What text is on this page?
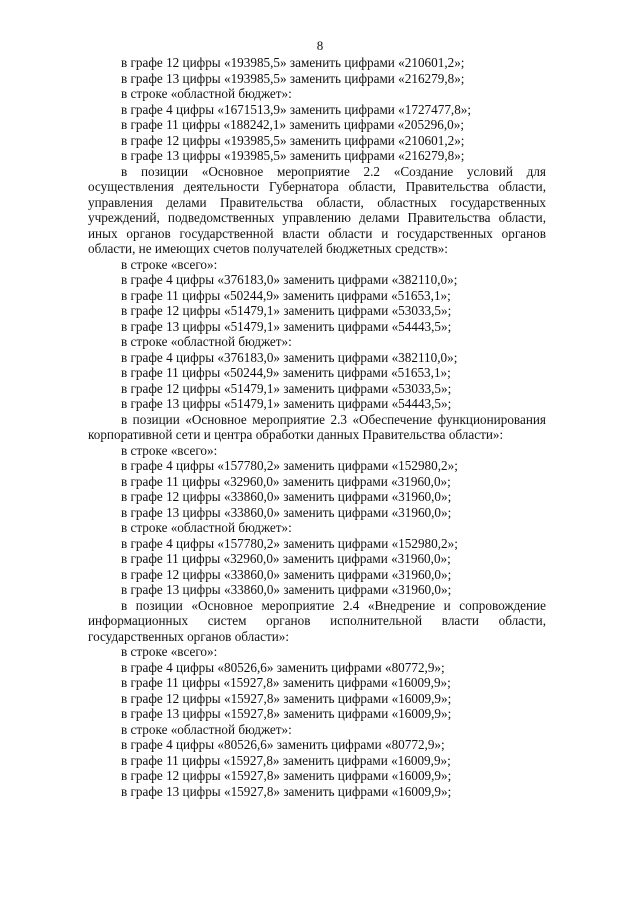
8

в графе 12 цифры «193985,5» заменить цифрами «210601,2»;

в графе 13 цифры «193985,5» заменить цифрами «216279,8»;

в строке «областной бюджет»:

в графе 4 цифры «1671513,9» заменить цифрами «1727477,8»;

в графе 11 цифры «188242,1» заменить цифрами «205296,0»;

в графе 12 цифры «193985,5» заменить цифрами «210601,2»;

в графе 13 цифры «193985,5» заменить цифрами «216279,8»;

в позиции «Основное мероприятие 2.2 «Создание условий для осуществления деятельности Губернатора области, Правительства области, управления делами Правительства области, областных государственных учреждений, подведомственных управлению делами Правительства области, иных органов государственной власти области и государственных органов области, не имеющих счетов получателей бюджетных средств»:

в строке «всего»:

в графе 4 цифры «376183,0» заменить цифрами «382110,0»;

в графе 11 цифры «50244,9» заменить цифрами «51653,1»;

в графе 12 цифры «51479,1» заменить цифрами «53033,5»;

в графе 13 цифры «51479,1» заменить цифрами «54443,5»;

в строке «областной бюджет»:

в графе 4 цифры «376183,0» заменить цифрами «382110,0»;

в графе 11 цифры «50244,9» заменить цифрами «51653,1»;

в графе 12 цифры «51479,1» заменить цифрами «53033,5»;

в графе 13 цифры «51479,1» заменить цифрами «54443,5»;

в позиции «Основное мероприятие 2.3 «Обеспечение функционирования корпоративной сети и центра обработки данных Правительства области»:

в строке «всего»:

в графе 4 цифры «157780,2» заменить цифрами «152980,2»;

в графе 11 цифры «32960,0» заменить цифрами «31960,0»;

в графе 12 цифры «33860,0» заменить цифрами «31960,0»;

в графе 13 цифры «33860,0» заменить цифрами «31960,0»;

в строке «областной бюджет»:

в графе 4 цифры «157780,2» заменить цифрами «152980,2»;

в графе 11 цифры «32960,0» заменить цифрами «31960,0»;

в графе 12 цифры «33860,0» заменить цифрами «31960,0»;

в графе 13 цифры «33860,0» заменить цифрами «31960,0»;

в позиции «Основное мероприятие 2.4 «Внедрение и сопровождение информационных систем органов исполнительной власти области, государственных органов области»:

в строке «всего»:

в графе 4 цифры «80526,6» заменить цифрами «80772,9»;

в графе 11 цифры «15927,8» заменить цифрами «16009,9»;

в графе 12 цифры «15927,8» заменить цифрами «16009,9»;

в графе 13 цифры «15927,8» заменить цифрами «16009,9»;

в строке «областной бюджет»:

в графе 4 цифры «80526,6» заменить цифрами «80772,9»;

в графе 11 цифры «15927,8» заменить цифрами «16009,9»;

в графе 12 цифры «15927,8» заменить цифрами «16009,9»;

в графе 13 цифры «15927,8» заменить цифрами «16009,9»;
